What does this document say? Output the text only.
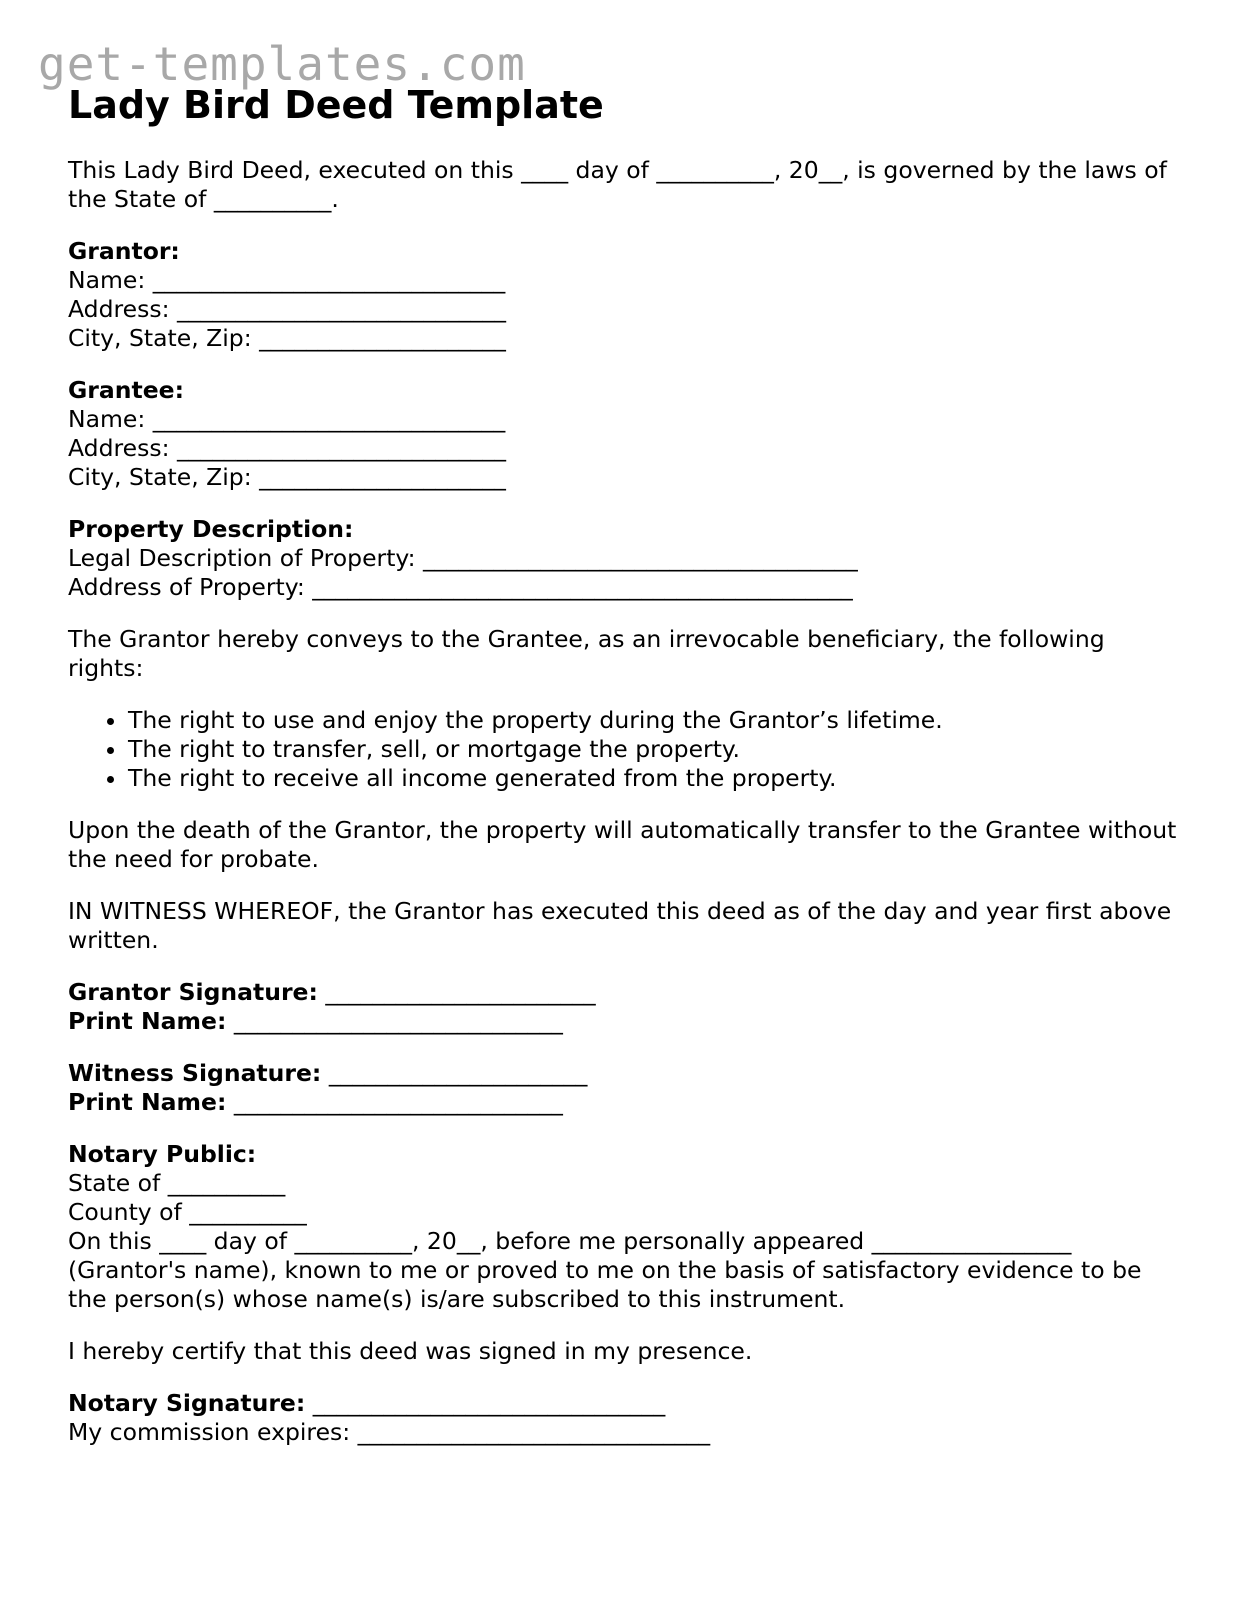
get-templates.com
Lady Bird Deed Template

This Lady Bird Deed, executed on this ____ day of __________, 20__, is governed by the laws of the State of __________.

Grantor:
Name: ______________________________
Address: ____________________________
City, State, Zip: _____________________

Grantee:
Name: ______________________________
Address: ____________________________
City, State, Zip: _____________________

Property Description:
Legal Description of Property: _____________________________________
Address of Property: ______________________________________________

The Grantor hereby conveys to the Grantee, as an irrevocable beneficiary, the following rights:

• The right to use and enjoy the property during the Grantor’s lifetime.
• The right to transfer, sell, or mortgage the property.
• The right to receive all income generated from the property.

Upon the death of the Grantor, the property will automatically transfer to the Grantee without the need for probate.

IN WITNESS WHEREOF, the Grantor has executed this deed as of the day and year first above written.

Grantor Signature: _______________________
Print Name: ____________________________

Witness Signature: ______________________
Print Name: ____________________________

Notary Public:
State of __________
County of __________
On this ____ day of __________, 20__, before me personally appeared _________________ (Grantor's name), known to me or proved to me on the basis of satisfactory evidence to be the person(s) whose name(s) is/are subscribed to this instrument.

I hereby certify that this deed was signed in my presence.

Notary Signature: ______________________________
My commission expires: ______________________________
